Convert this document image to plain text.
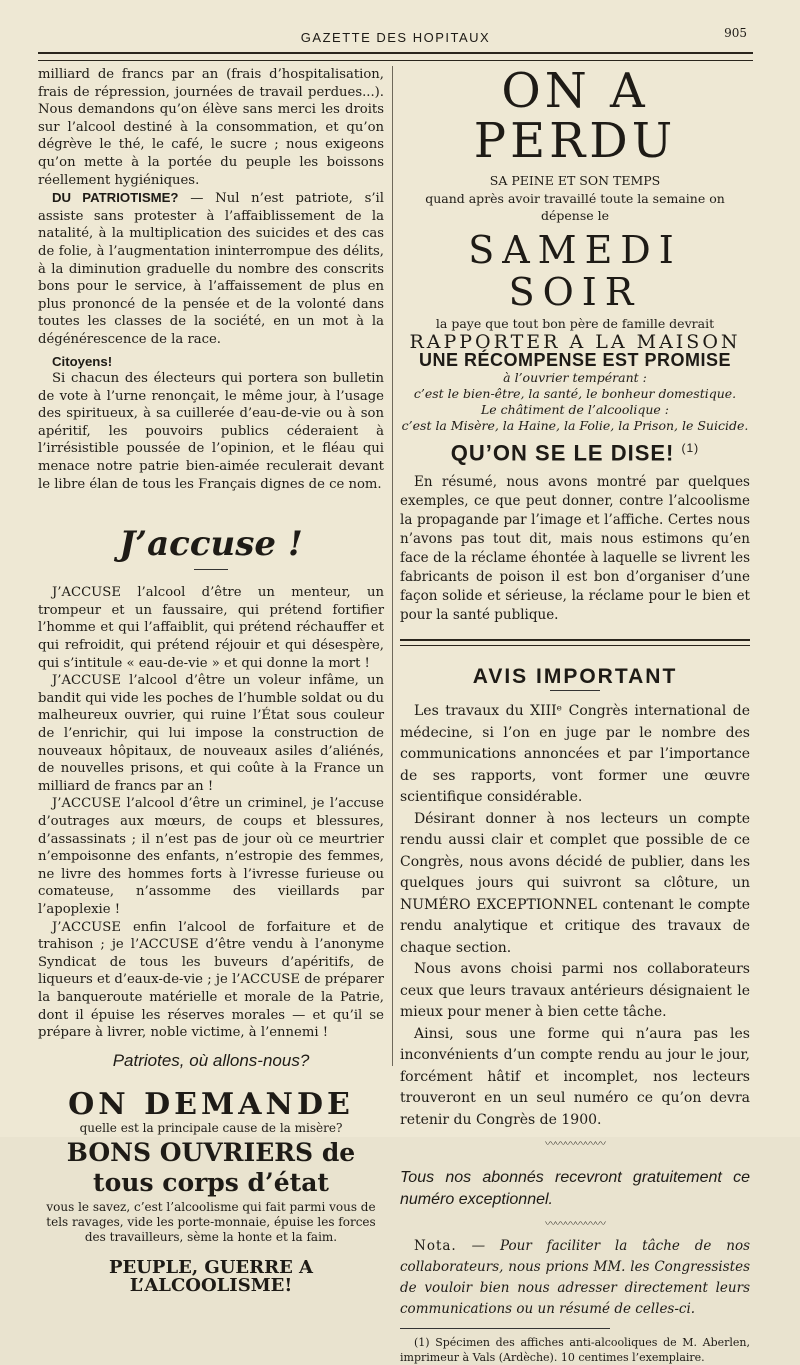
GAZETTE DES HOPITAUX	905

milliard de francs par an (frais d’hospitalisation, frais de répression, journées de travail perdues...). Nous demandons qu’on élève sans merci les droits sur l’alcool destiné à la consommation, et qu’on dégrève le thé, le café, le sucre ; nous exigeons qu’on mette à la portée du peuple les boissons réellement hygiéniques.

DU PATRIOTISME? — Nul n’est patriote, s’il assiste sans protester à l’affaiblissement de la natalité, à la multiplication des suicides et des cas de folie, à l’augmentation ininterrompue des délits, à la diminution graduelle du nombre des conscrits bons pour le service, à l’affaissement de plus en plus prononcé de la pensée et de la volonté dans toutes les classes de la société, en un mot à la dégénérescence de la race.

Citoyens!

Si chacun des électeurs qui portera son bulletin de vote à l’urne renonçait, le même jour, à l’usage des spiritueux, à sa cuillerée d’eau-de-vie ou à son apéritif, les pouvoirs publics céderaient à l’irrésistible poussée de l’opinion, et le fléau qui menace notre patrie bien-aimée reculerait devant le libre élan de tous les Français dignes de ce nom.

J’accuse !

J’ACCUSE l’alcool d’être un menteur, un trompeur et un faussaire, qui prétend fortifier l’homme et qui l’affaiblit, qui prétend réchauffer et qui refroidit, qui prétend réjouir et qui désespère, qui s’intitule « eau-de-vie » et qui donne la mort !

J’ACCUSE l’alcool d’être un voleur infâme, un bandit qui vide les poches de l’humble soldat ou du malheureux ouvrier, qui ruine l’État sous couleur de l’enrichir, qui lui impose la construction de nouveaux hôpitaux, de nouveaux asiles d’aliénés, de nouvelles prisons, et qui coûte à la France un milliard de francs par an !

J’ACCUSE l’alcool d’être un criminel, je l’accuse d’outrages aux mœurs, de coups et blessures, d’assassinats ; il n’est pas de jour où ce meurtrier n’empoisonne des enfants, n’estropie des femmes, ne livre des hommes forts à l’ivresse furieuse ou comateuse, n’assomme des vieillards par l’apoplexie !

J’ACCUSE enfin l’alcool de forfaiture et de trahison ; je l’ACCUSE d’être vendu à l’anonyme Syndicat de tous les buveurs d’apéritifs, de liqueurs et d’eaux-de-vie ; je l’ACCUSE de préparer la banqueroute matérielle et morale de la Patrie, dont il épuise les réserves morales — et qu’il se prépare à livrer, noble victime, à l’ennemi !

Patriotes, où allons-nous?
ON DEMANDE
quelle est la principale cause de la misère?
BONS OUVRIERS de tous corps d’état
vous le savez, c’est l’alcoolisme qui fait parmi vous de tels ravages, vide les porte-monnaie, épuise les forces des travailleurs, sème la honte et la faim.
PEUPLE, GUERRE A L’ALCOOLISME!
ON A PERDU
SA PEINE ET SON TEMPS
quand après avoir travaillé toute la semaine on dépense le
SAMEDI SOIR
la paye que tout bon père de famille devrait
RAPPORTER A LA MAISON
UNE RÉCOMPENSE EST PROMISE
à l’ouvrier tempérant :
c’est le bien-être, la santé, le bonheur domestique.
Le châtiment de l’alcoolique :
c’est la Misère, la Haine, la Folie, la Prison, le Suicide.
QU’ON SE LE DISE! $^{(1)}$

En résumé, nous avons montré par quelques exemples, ce que peut donner, contre l’alcoolisme la propagande par l’image et l’affiche. Certes nous n’avons pas tout dit, mais nous estimons qu’en face de la réclame éhontée à laquelle se livrent les fabricants de poison il est bon d’organiser d’une façon solide et sérieuse, la réclame pour le bien et pour la santé publique.

AVIS IMPORTANT

Les travaux du XIIIᵉ Congrès international de médecine, si l’on en juge par le nombre des communications annoncées et par l’importance de ses rapports, vont former une œuvre scientifique considérable.

Désirant donner à nos lecteurs un compte rendu aussi clair et complet que possible de ce Congrès, nous avons décidé de publier, dans les quelques jours qui suivront sa clôture, un NUMÉRO EXCEPTIONNEL contenant le compte rendu analytique et critique des travaux de chaque section.

Nous avons choisi parmi nos collaborateurs ceux que leurs travaux antérieurs désignaient le mieux pour mener à bien cette tâche.

Ainsi, sous une forme qui n’aura pas les inconvénients d’un compte rendu au jour le jour, forcément hâtif et incomplet, nos lecteurs trouveront en un seul numéro ce qu’on devra retenir du Congrès de 1900.

〰〰〰〰〰〰
Tous nos abonnés recevront gratuitement ce numéro exceptionnel.
〰〰〰〰〰〰

Nota. — Pour faciliter la tâche de nos collaborateurs, nous prions MM. les Congressistes de vouloir bien nous adresser directement leurs communications ou un résumé de celles-ci.

(1) Spécimen des affiches anti-alcooliques de M. Aberlen, imprimeur à Vals (Ardèche). 10 centimes l’exemplaire.
